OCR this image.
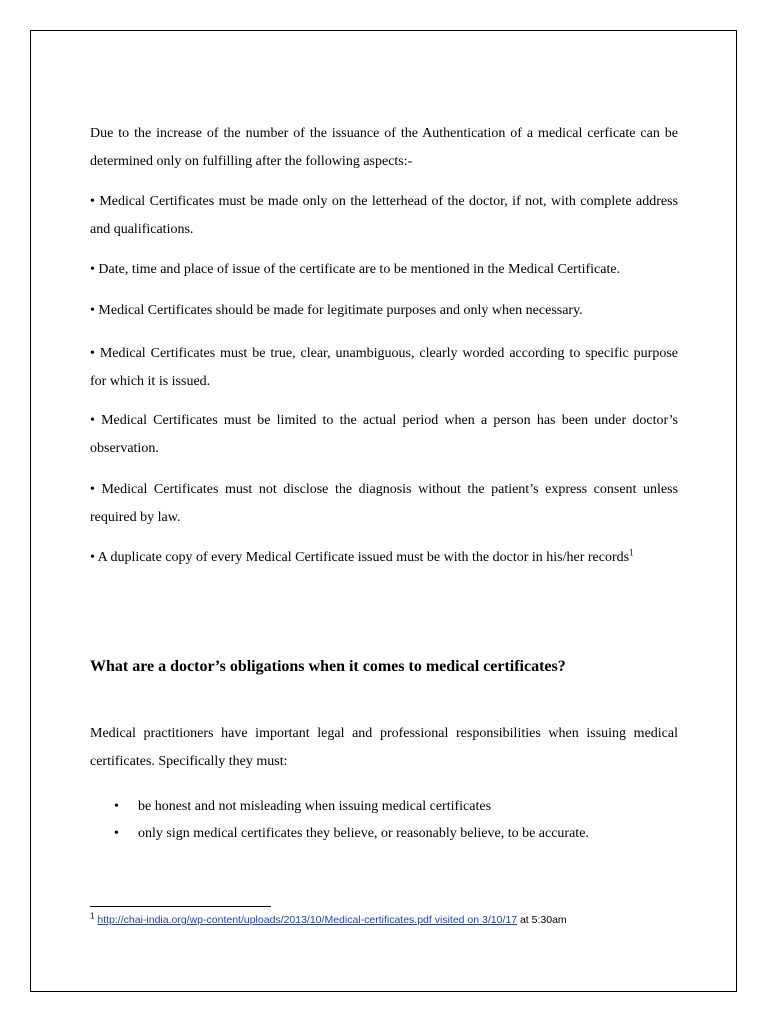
Due to the increase of the number of the issuance of the Authentication of a medical cerficate can be determined only on fulfilling after the following aspects:-

• Medical Certificates must be made only on the letterhead of the doctor, if not, with complete address and qualifications.

• Date, time and place of issue of the certificate are to be mentioned in the Medical Certificate.

• Medical Certificates should be made for legitimate purposes and only when necessary.

• Medical Certificates must be true, clear, unambiguous, clearly worded according to specific purpose for which it is issued.

• Medical Certificates must be limited to the actual period when a person has been under doctor’s observation.

• Medical Certificates must not disclose the diagnosis without the patient’s express consent unless required by law.

• A duplicate copy of every Medical Certificate issued must be with the doctor in his/her records$^1$

What are a doctor’s obligations when it comes to medical certificates?

Medical practitioners have important legal and professional responsibilities when issuing medical certificates. Specifically they must:

• be honest and not misleading when issuing medical certificates
• only sign medical certificates they believe, or reasonably believe, to be accurate.
$^1$ http://chai-india.org/wp-content/uploads/2013/10/Medical-certificates.pdf visited on 3/10/17 at 5:30am
